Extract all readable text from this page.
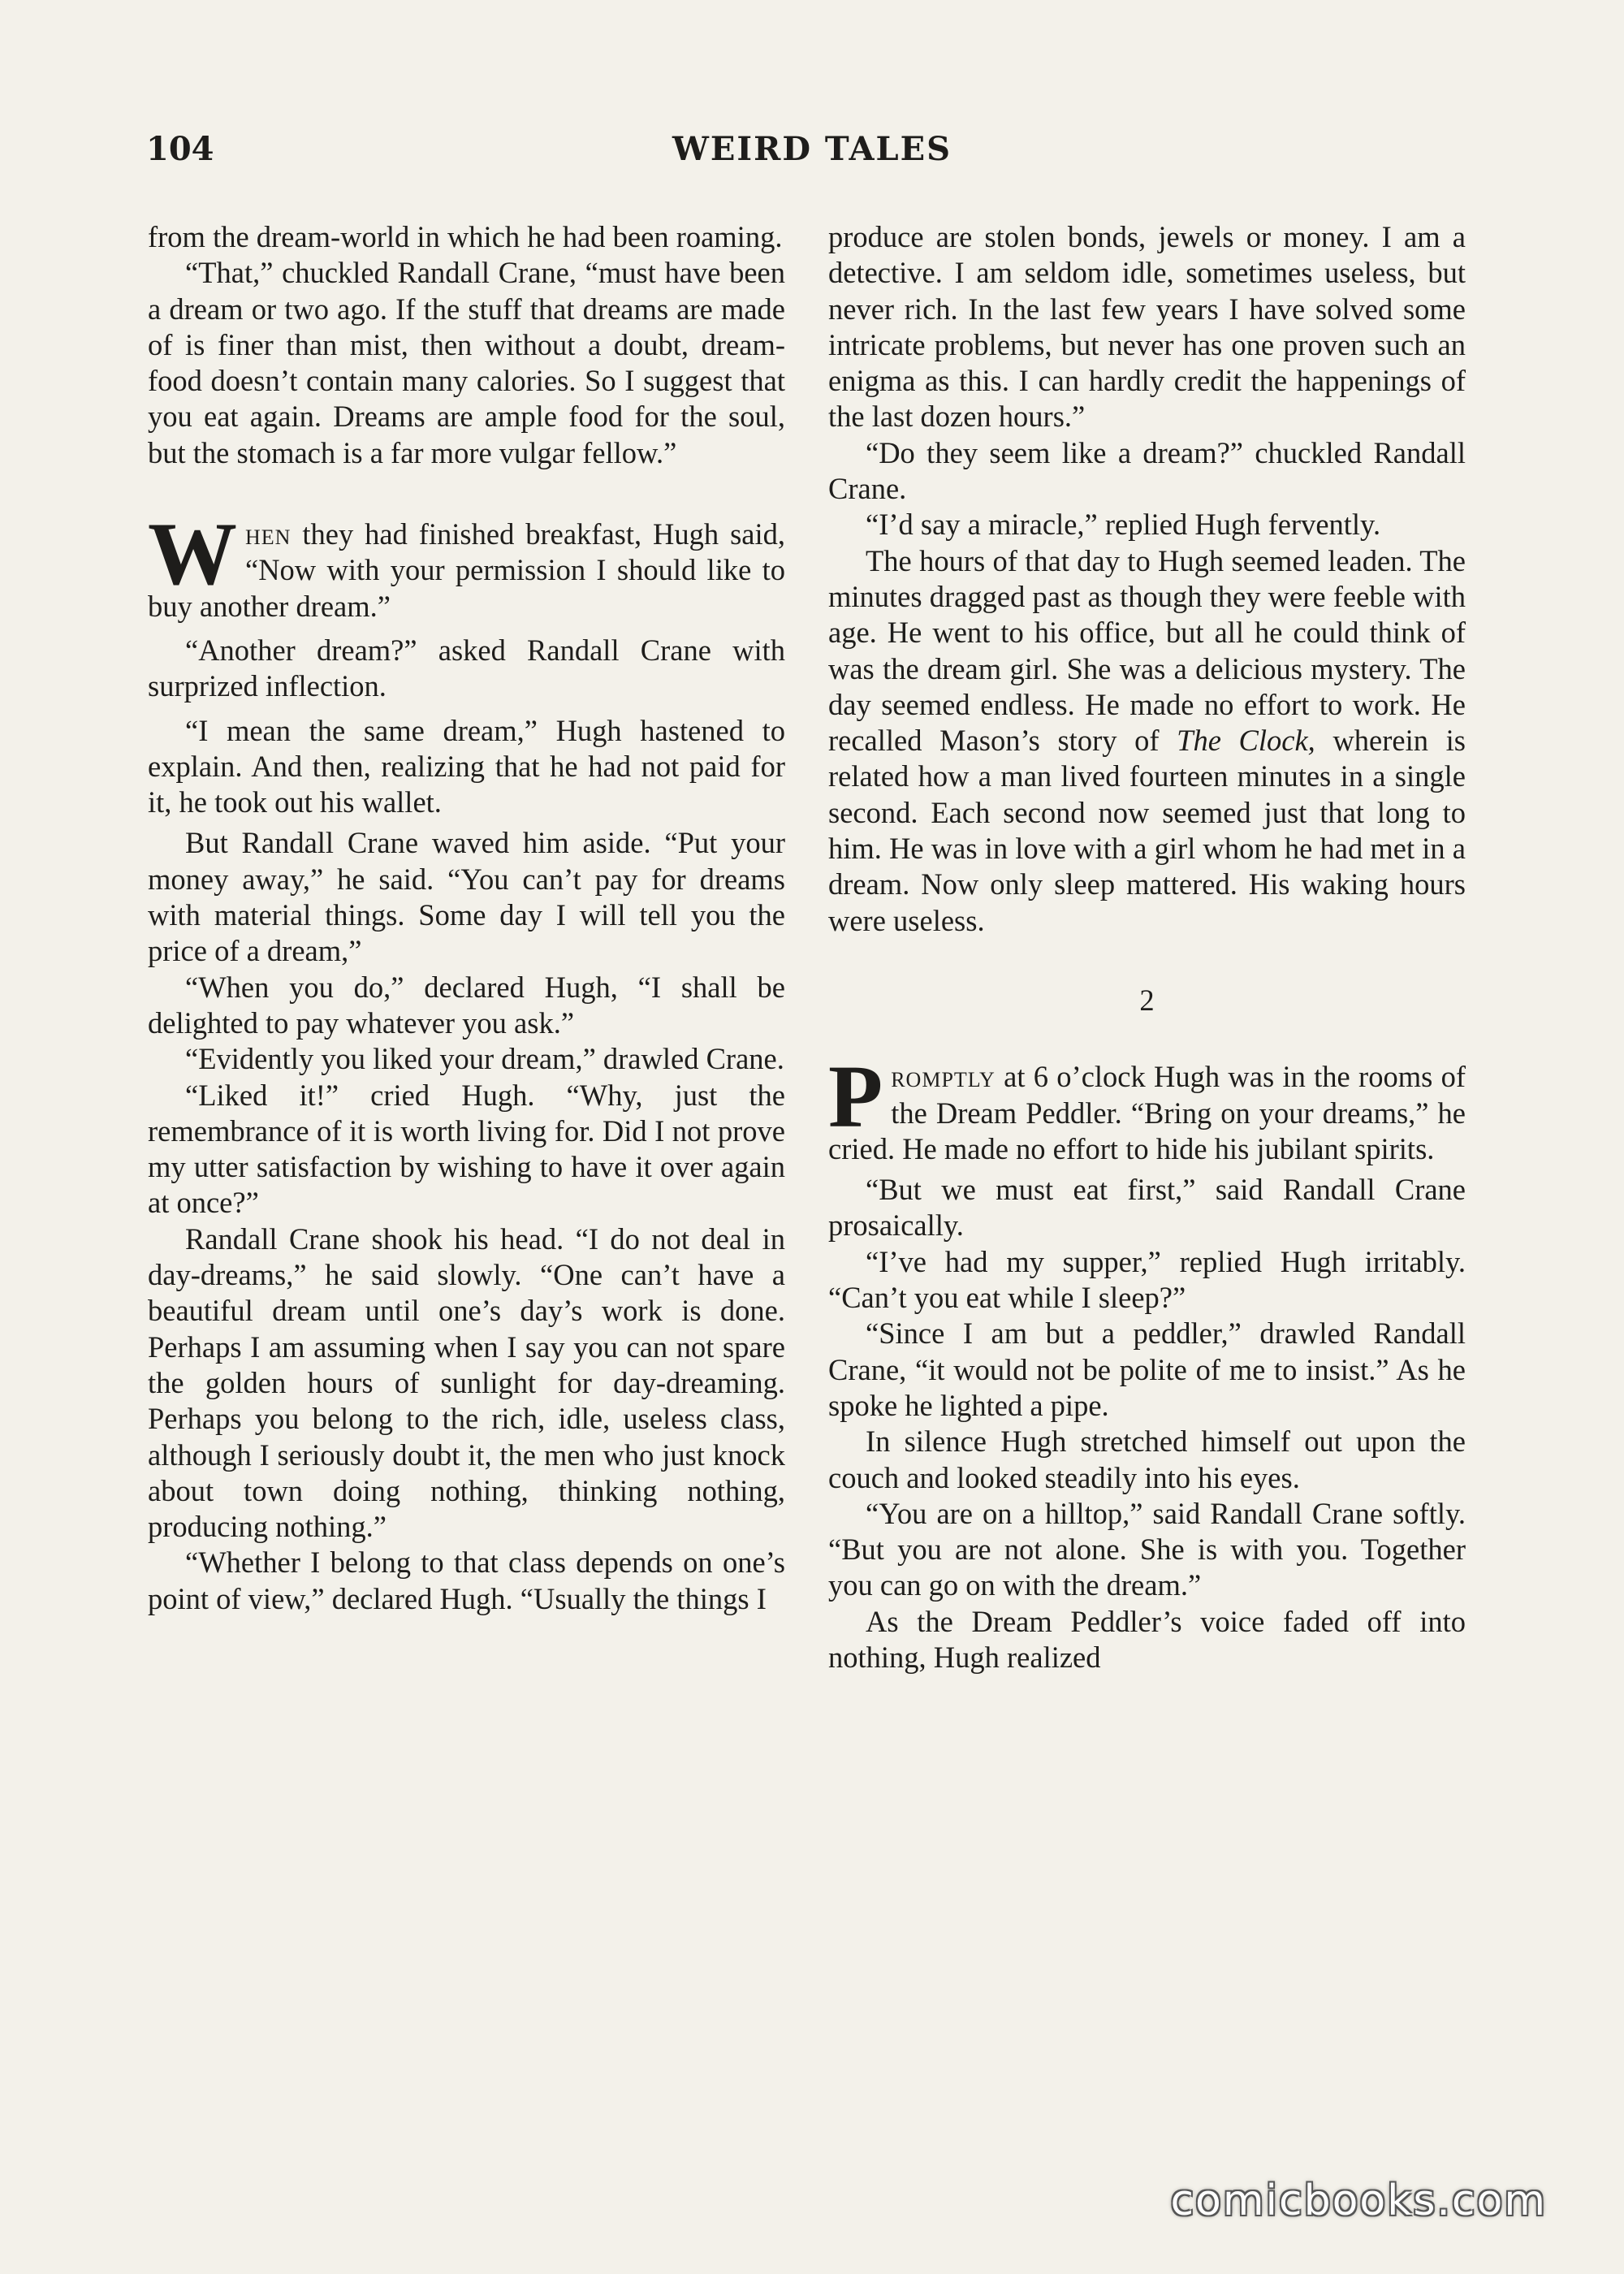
104	WEIRD TALES

from the dream-world in which he had been roaming.

“That,” chuckled Randall Crane, “must have been a dream or two ago. If the stuff that dreams are made of is finer than mist, then without a doubt, dream-food doesn’t contain many calories. So I suggest that you eat again. Dreams are ample food for the soul, but the stomach is a far more vulgar fellow.”

When they had finished breakfast, Hugh said, “Now with your permission I should like to buy another dream.”

“Another dream?” asked Randall Crane with surprized inflection.

“I mean the same dream,” Hugh hastened to explain. And then, realizing that he had not paid for it, he took out his wallet.

But Randall Crane waved him aside. “Put your money away,” he said. “You can’t pay for dreams with material things. Some day I will tell you the price of a dream,”

“When you do,” declared Hugh, “I shall be delighted to pay whatever you ask.”

“Evidently you liked your dream,” drawled Crane.

“Liked it!” cried Hugh. “Why, just the remembrance of it is worth living for. Did I not prove my utter satisfaction by wishing to have it over again at once?”

Randall Crane shook his head. “I do not deal in day-dreams,” he said slowly. “One can’t have a beautiful dream until one’s day’s work is done. Perhaps I am assuming when I say you can not spare the golden hours of sunlight for day-dreaming. Perhaps you belong to the rich, idle, useless class, although I seriously doubt it, the men who just knock about town doing nothing, thinking nothing, producing nothing.”

“Whether I belong to that class depends on one’s point of view,” declared Hugh. “Usually the things I

produce are stolen bonds, jewels or money. I am a detective. I am seldom idle, sometimes useless, but never rich. In the last few years I have solved some intricate problems, but never has one proven such an enigma as this. I can hardly credit the happenings of the last dozen hours.”

“Do they seem like a dream?” chuckled Randall Crane.

“I’d say a miracle,” replied Hugh fervently.

The hours of that day to Hugh seemed leaden. The minutes dragged past as though they were feeble with age. He went to his office, but all he could think of was the dream girl. She was a delicious mystery. The day seemed endless. He made no effort to work. He recalled Mason’s story of The Clock, wherein is related how a man lived fourteen minutes in a single second. Each second now seemed just that long to him. He was in love with a girl whom he had met in a dream. Now only sleep mattered. His waking hours were useless.

2

Promptly at 6 o’clock Hugh was in the rooms of the Dream Peddler. “Bring on your dreams,” he cried. He made no effort to hide his jubilant spirits.

“But we must eat first,” said Randall Crane prosaically.

“I’ve had my supper,” replied Hugh irritably. “Can’t you eat while I sleep?”

“Since I am but a peddler,” drawled Randall Crane, “it would not be polite of me to insist.” As he spoke he lighted a pipe.

In silence Hugh stretched himself out upon the couch and looked steadily into his eyes.

“You are on a hilltop,” said Randall Crane softly. “But you are not alone. She is with you. Together you can go on with the dream.”

As the Dream Peddler’s voice faded off into nothing, Hugh realized

comicbooks.com
